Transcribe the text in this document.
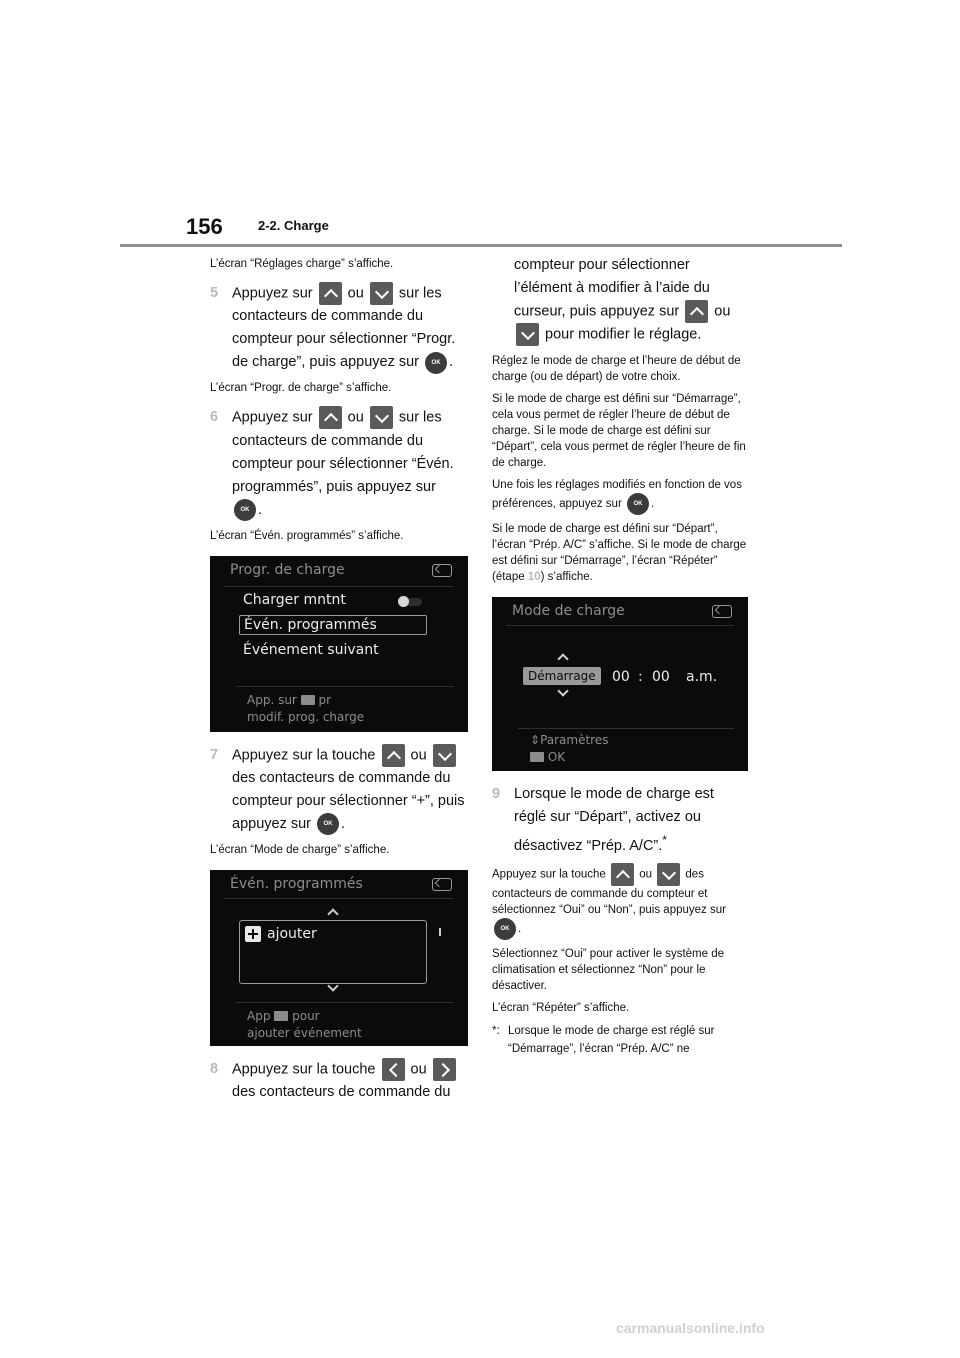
156	2-2. Charge

L’écran “Réglages charge” s’affiche.

5 Appuyez sur ou sur les contacteurs de commande du compteur pour sélectionner “Progr. de charge”, puis appuyez sur OK .

L’écran “Progr. de charge” s’affiche.

6 Appuyez sur ou sur les contacteurs de commande du compteur pour sélectionner “Évén. programmés”, puis appuyez sur
OK .

L’écran “Évén. programmés” s’affiche.

Progr. de charge
Charger mntnt
Évén. programmés
Événement suivant
App. sur pr
modif. prog. charge
7 Appuyez sur la touche ou  des contacteurs de commande du compteur pour sélectionner “+”, puis appuyez sur OK .

L’écran “Mode de charge” s’affiche.

Évén. programmés
ajouter
App pour
ajouter événement
8 Appuyez sur la touche ou  des contacteurs de commande du

compteur pour sélectionner l’élément à modifier à l’aide du curseur, puis appuyez sur ou  pour modifier le réglage.

Réglez le mode de charge et l’heure de début de charge (ou de départ) de votre choix.

Si le mode de charge est défini sur “Démarrage”, cela vous permet de régler l’heure de début de charge. Si le mode de charge est défini sur “Départ”, cela vous permet de régler l’heure de fin de charge.

Une fois les réglages modifiés en fonction de vos préférences, appuyez sur OK .

Si le mode de charge est défini sur “Départ”, l’écran “Prép. A/C” s’affiche. Si le mode de charge est défini sur “Démarrage”, l’écran “Répéter” (étape 10) s’affiche.

Mode de charge
Démarrage	00 : 00 a.m.
⇕Paramètres
OK
9 Lorsque le mode de charge est réglé sur “Départ”, activez ou désactivez “Prép. A/C”.*

Appuyez sur la touche	ou	des contacteurs de commande du compteur et sélectionnez “Oui” ou “Non”, puis appuyez sur OK .

Sélectionnez “Oui” pour activer le système de climatisation et sélectionnez “Non” pour le désactiver.

L’écran “Répéter” s’affiche.

*: Lorsque le mode de charge est réglé sur “Démarrage”, l’écran “Prép. A/C” ne
carmanualsonline.info
